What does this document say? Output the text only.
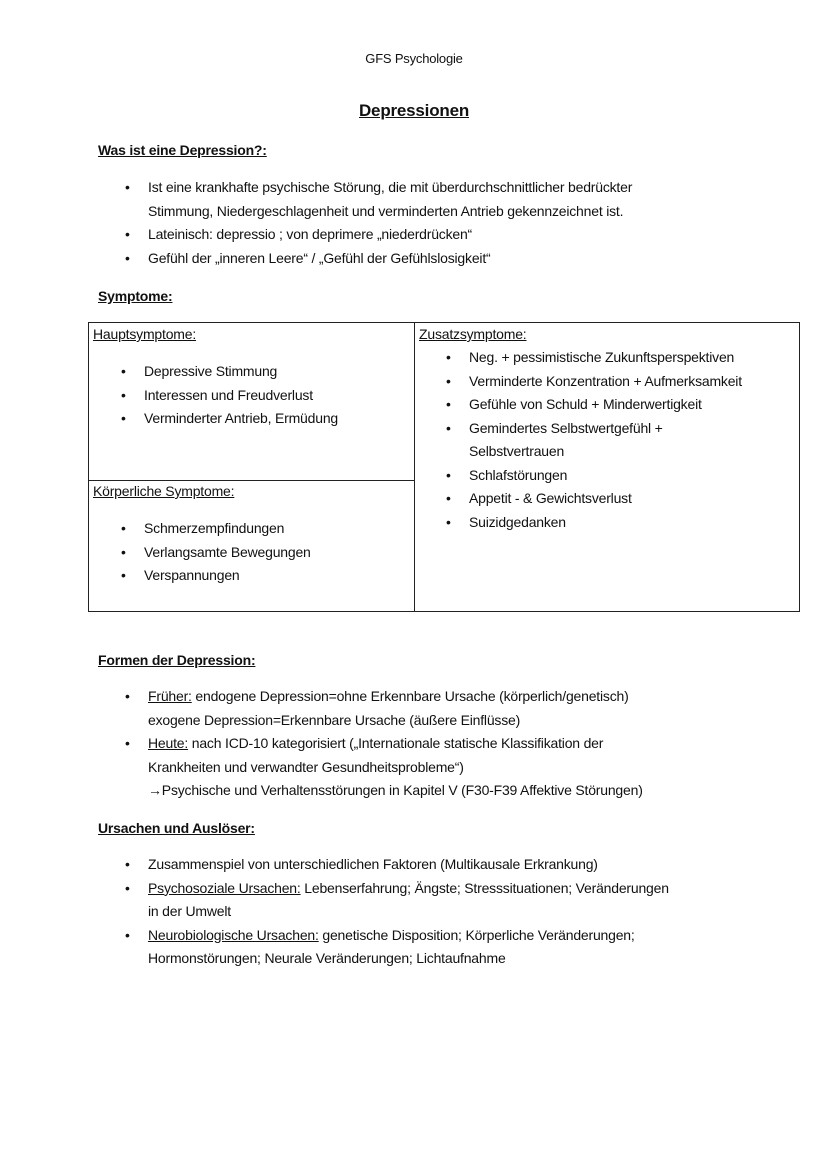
GFS Psychologie
Depressionen
Was ist eine Depression?:
• Ist eine krankhafte psychische Störung, die mit überdurchschnittlicher bedrückter
Stimmung, Niedergeschlagenheit und verminderten Antrieb gekennzeichnet ist.
• Lateinisch: depressio ; von deprimere „niederdrücken“
• Gefühl der „inneren Leere“ / „Gefühl der Gefühlslosigkeit“
Symptome:
Hauptsymptome:
• Depressive Stimmung
• Interessen und Freudverlust
• Verminderter Antrieb, Ermüdung
Körperliche Symptome:
• Schmerzempfindungen
• Verlangsamte Bewegungen
• Verspannungen
Zusatzsymptome:
• Neg. + pessimistische Zukunftsperspektiven
• Verminderte Konzentration + Aufmerksamkeit
• Gefühle von Schuld + Minderwertigkeit
• Gemindertes Selbstwertgefühl +
Selbstvertrauen
• Schlafstörungen
• Appetit - & Gewichtsverlust
• Suizidgedanken
Formen der Depression:
• Früher: endogene Depression=ohne Erkennbare Ursache (körperlich/genetisch)
exogene Depression=Erkennbare Ursache (äußere Einflüsse)
• Heute: nach ICD-10 kategorisiert („Internationale statische Klassifikation der
Krankheiten und verwandter Gesundheitsprobleme“)
→Psychische und Verhaltensstörungen in Kapitel V (F30-F39 Affektive Störungen)
Ursachen und Auslöser:
• Zusammenspiel von unterschiedlichen Faktoren (Multikausale Erkrankung)
• Psychosoziale Ursachen: Lebenserfahrung; Ängste; Stresssituationen; Veränderungen
in der Umwelt
• Neurobiologische Ursachen: genetische Disposition; Körperliche Veränderungen;
Hormonstörungen; Neurale Veränderungen; Lichtaufnahme
